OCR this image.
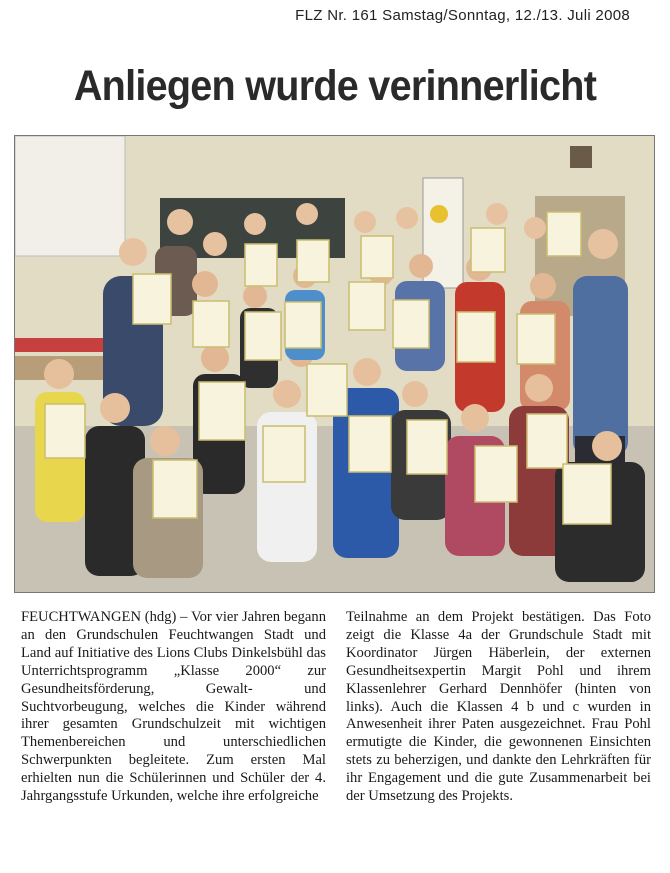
FLZ Nr. 161 Samstag/Sonntag, 12./13. Juli 2008
Anliegen wurde verinnerlicht

FEUCHTWANGEN (hdg) – Vor vier Jahren begann an den Grundschulen Feuchtwangen Stadt und Land auf Initiative des Lions Clubs Dinkelsbühl das Unterrichtsprogramm „Klasse 2000“ zur Gesundheitsförderung, Gewalt- und Suchtvorbeugung, welches die Kinder während ihrer gesamten Grundschulzeit mit wichtigen Themenbereichen und unterschiedlichen Schwerpunkten begleitete. Zum ersten Mal erhielten nun die Schülerinnen und Schüler der 4. Jahrgangsstufe Urkunden, welche ihre erfolgreiche

Teilnahme an dem Projekt bestätigen. Das Foto zeigt die Klasse 4a der Grundschule Stadt mit Koordinator Jürgen Häberlein, der externen Gesundheitsexpertin Margit Pohl und ihrem Klassenlehrer Gerhard Dennhöfer (hinten von links). Auch die Klassen 4 b und c wurden in Anwesenheit ihrer Paten ausgezeichnet. Frau Pohl ermutigte die Kinder, die gewonnenen Einsichten stets zu beherzigen, und dankte den Lehrkräften für ihr Engagement und die gute Zusammenarbeit bei der Umsetzung des Projekts.
